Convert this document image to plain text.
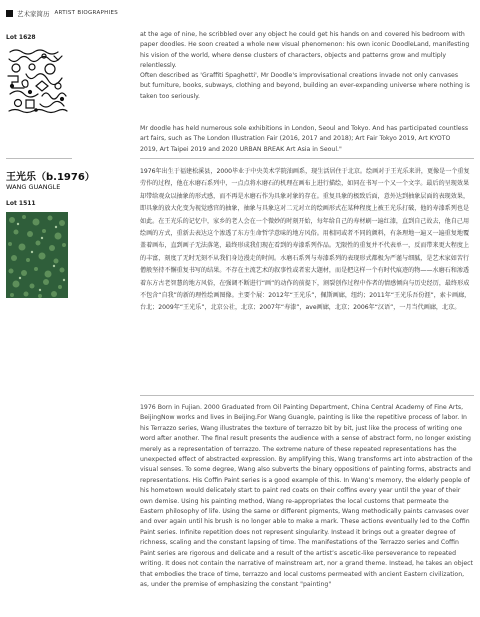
艺术家简历 ARTIST BIOGRAPHIES
Lot 1628	at the age of nine, he scribbled over any object he could get his hands on and covered his bedroom with paper doodles. He soon created a whole new visual phenomenon: his own iconic DoodleLand, manifesting his vision of the world, where dense clusters of characters, objects and patterns grow and multiply relentlessly.

Often described as 'Graffiti Spaghetti', Mr Doodle's improvisational creations invade not only canvases but furniture, books, subways, clothing and beyond, building an ever-expanding universe where nothing is taken too seriously.

Mr doodle has held numerous sole exhibitions in London, Seoul and Tokyo. And has participated countless art fairs, such as The London Illustration Fair (2016, 2017 and 2018); Art Fair Tokyo 2019, Art KYOTO 2019, Art Taipei 2019 and 2020 URBAN BREAK Art Asia in Seoul."
王光乐（b.1976）
WANG GUANGLE
Lot 1511
1976年出生于福建松溪县，2000毕业于中央美术学院油画系，现生活居住于北京。绘画对于王光乐来讲，更像是一个重复劳作的过程，他在水磨石系列中，一点点将水磨石的机理在画布上进行描绘，如同在书写一个又一个文字。最后的呈现效果却带给观众以抽象的形式感，而不再是水磨石作为具象对象的存在。重复具象的极致后面，意外达到抽象层面的表现效果，即具象的放大化变为视觉感官的抽象，抽象与具象这对二元对立的绘画形式在某种程度上被王光乐打破，他的寿漆系列也是如此。在王光乐的记忆中，家乡的老人会在一个微妙的时刻开始，每年给自己的寿材刷一遍红漆，直到自己故去，他自己用绘画的方式，重新去表达这个渗透了东方生命哲学意味的地方风俗。用相同或者不同的颜料，有条理地一遍又一遍重复地覆盖着画布，直到画子无法落笔，最终形成我们现在看到的寿漆系列作品。无限性的重复并不代表单一，反而带来更大程度上的丰富，刻度了无时无刻不从我们身边漫走的时间。水磨石系列与寿漆系列的表现形式都极为严谨与细腻，是艺术家如苦行僧般坚持不懈重复书写的结果。不存在主流艺术的叙事性或者宏大题材，而是把这样一个有时代痕迹的物——水磨石和渗透着东方古老智慧的地方风俗，在强调不断进行“画”的动作的前提下，割裂创作过程中作者的情感倾向与历史经历，最终形成不包含“自我”的新的理性绘画图像。主要个展：2012年“王光乐”，佩斯画廊，纽约；2011年“王光乐吾份涯”，索卡画廊，台北；2009年“王光乐”，北京公社，北京；2007年“寿漆”，ave画廊，北京；2006年“汉语”，一月当代画廊，北京。
1976 Born in Fujian. 2000 Graduated from Oil Painting Department, China Central Academy of Fine Arts, BeijingNow works and lives in Beijing.For Wang Guangle, painting is like the repetitive process of labor. In his Terrazzo series, Wang illustrates the texture of terrazzo bit by bit, just like the process of writing one word after another. The final result presents the audience with a sense of abstract form, no longer existing merely as a representation of terrazzo. The extreme nature of these repeated representations has the unexpected effect of abstracted expression. By amplifying this, Wang transforms art into abstraction of the visual senses. To some degree, Wang also subverts the binary oppositions of painting forms, abstracts and representations. His Coffin Paint series is a good example of this. In Wang’s memory, the elderly people of his hometown would delicately start to paint red coats on their coffins every year until the year of their own demise. Using his painting method, Wang re-appropriates the local customs that permeate the Eastern philosophy of life. Using the same or different pigments, Wang methodically paints canvases over and over again until his brush is no longer able to make a mark. These actions eventually led to the Coffin Paint series. Infinite repetition does not represent singularity. Instead it brings out a greater degree of richness, scaling and the constant lapsing of time. The manifestations of the Terrazzo series and Coffin Paint series are rigorous and delicate and a result of the artist’s ascetic-like perseverance to repeated writing. It does not contain the narrative of mainstream art, nor a grand theme. Instead, he takes an object that embodies the trace of time, terrazzo and local customs permeated with ancient Eastern civilization, as, under the premise of emphasizing the constant "painting"
